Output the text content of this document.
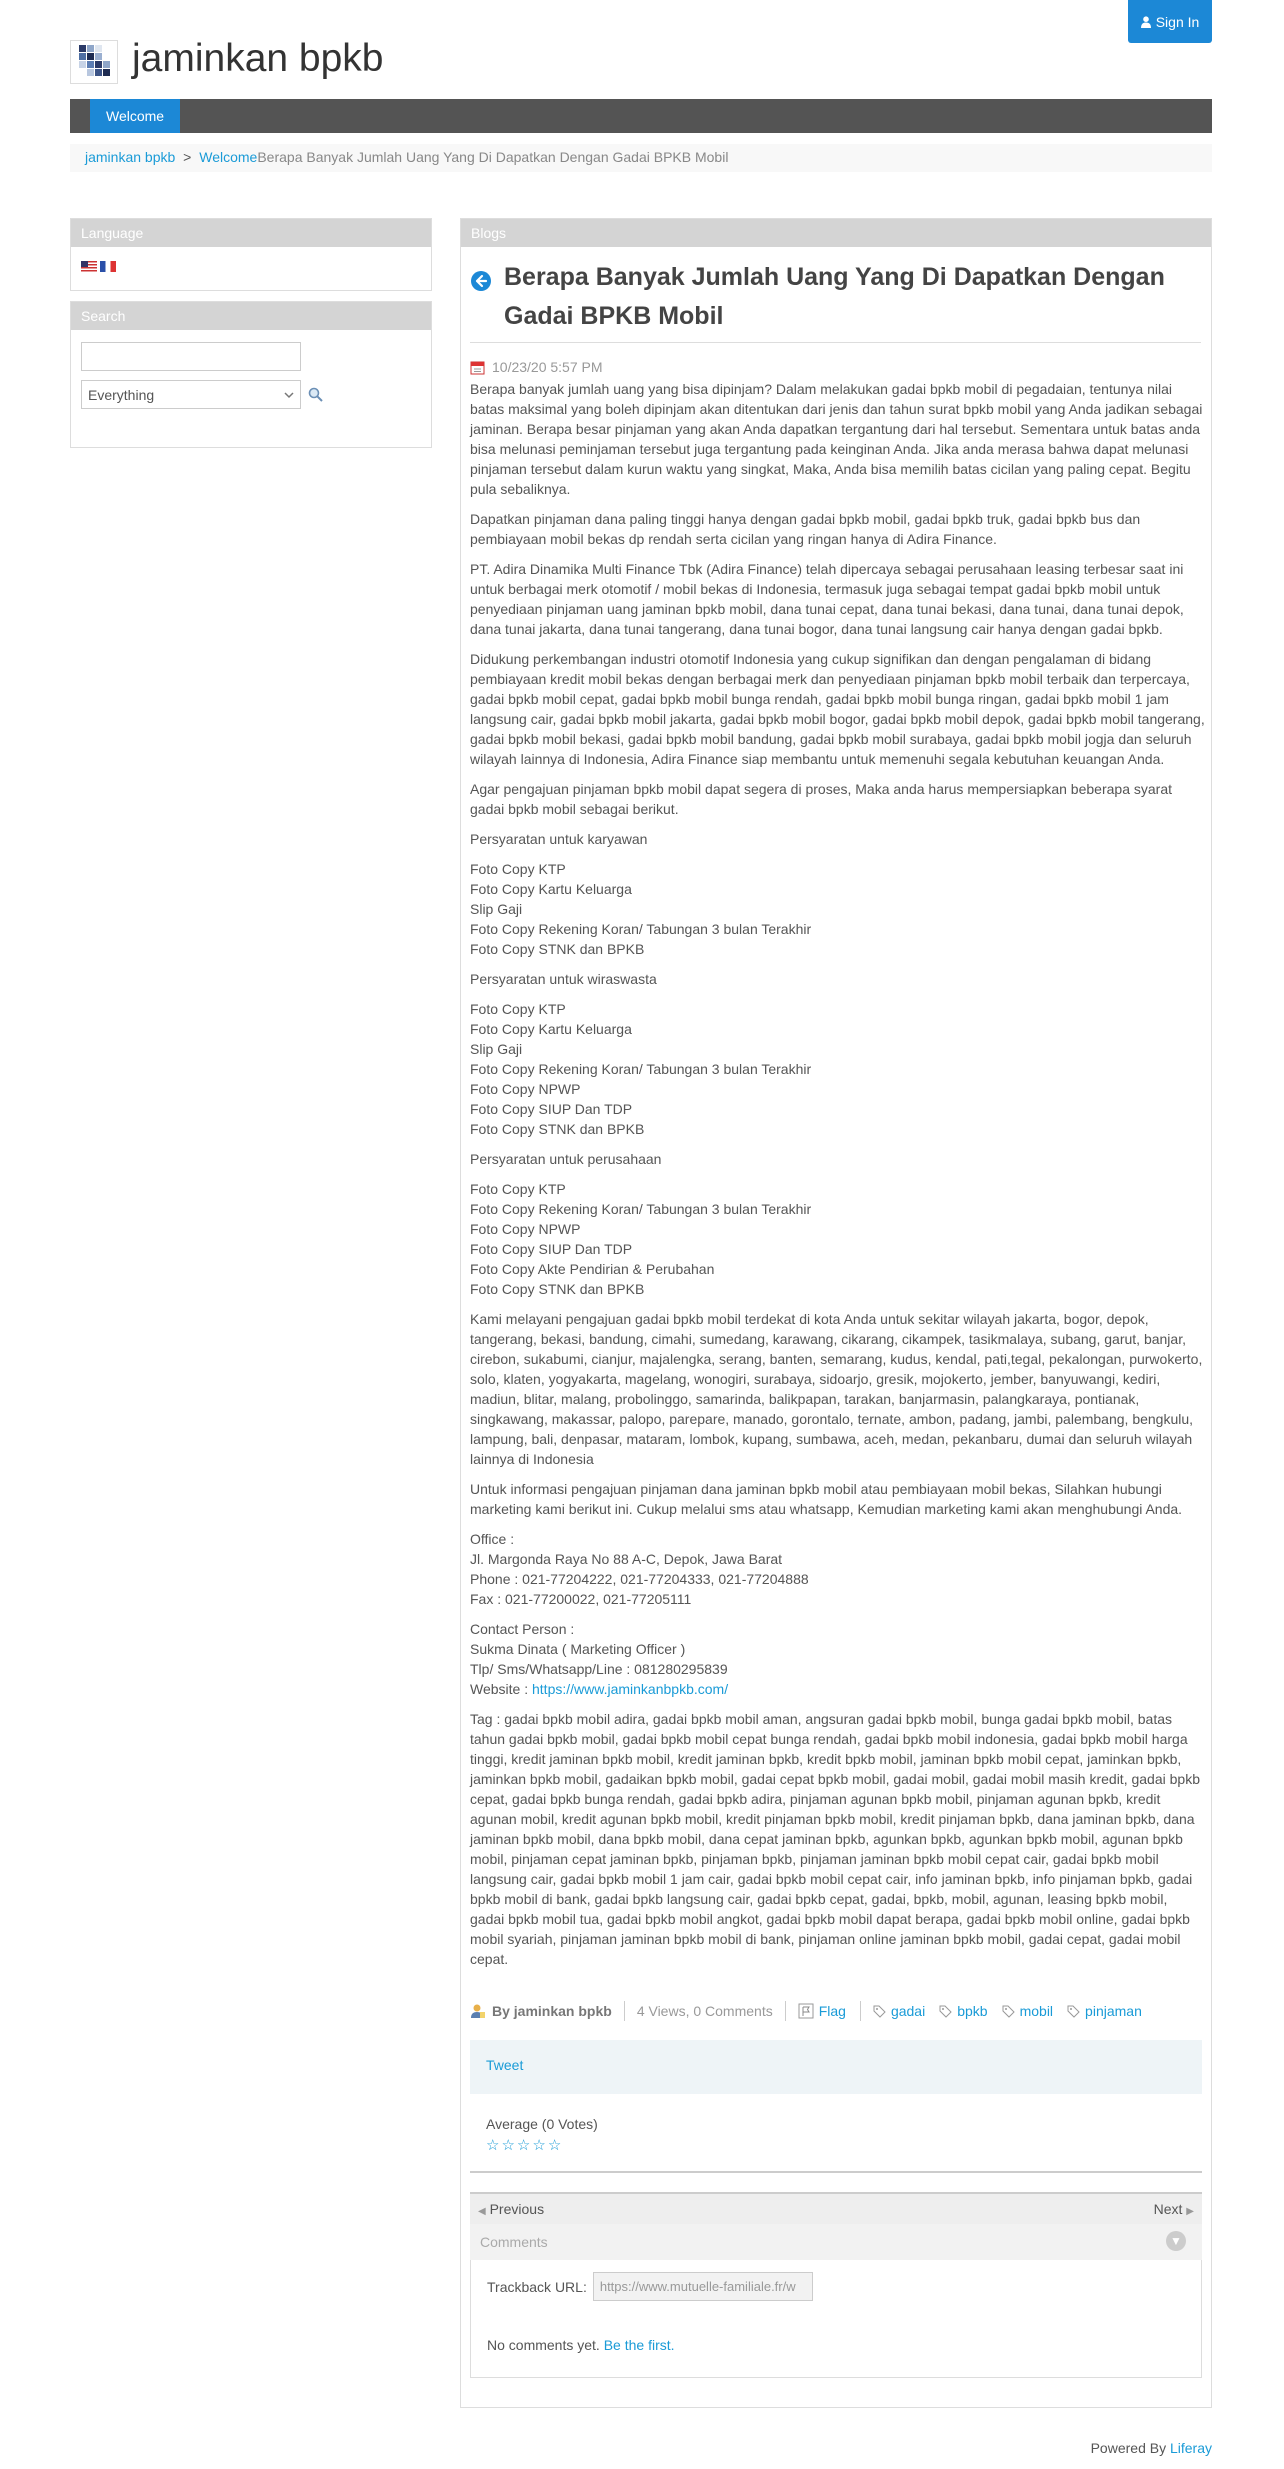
Sign In
jaminkan bpkb
Welcome
jaminkan bpkb > WelcomeBerapa Banyak Jumlah Uang Yang Di Dapatkan Dengan Gadai BPKB Mobil
Language
Search
Everything
Blogs
Berapa Banyak Jumlah Uang Yang Di Dapatkan Dengan Gadai BPKB Mobil
10/23/20 5:57 PM

Berapa banyak jumlah uang yang bisa dipinjam? Dalam melakukan gadai bpkb mobil di pegadaian, tentunya nilai batas maksimal yang boleh dipinjam akan ditentukan dari jenis dan tahun surat bpkb mobil yang Anda jadikan sebagai jaminan. Berapa besar pinjaman yang akan Anda dapatkan tergantung dari hal tersebut. Sementara untuk batas anda bisa melunasi peminjaman tersebut juga tergantung pada keinginan Anda. Jika anda merasa bahwa dapat melunasi pinjaman tersebut dalam kurun waktu yang singkat, Maka, Anda bisa memilih batas cicilan yang paling cepat. Begitu pula sebaliknya.

Dapatkan pinjaman dana paling tinggi hanya dengan gadai bpkb mobil, gadai bpkb truk, gadai bpkb bus dan pembiayaan mobil bekas dp rendah serta cicilan yang ringan hanya di Adira Finance.

PT. Adira Dinamika Multi Finance Tbk (Adira Finance) telah dipercaya sebagai perusahaan leasing terbesar saat ini untuk berbagai merk otomotif / mobil bekas di Indonesia, termasuk juga sebagai tempat gadai bpkb mobil untuk penyediaan pinjaman uang jaminan bpkb mobil, dana tunai cepat, dana tunai bekasi, dana tunai, dana tunai depok, dana tunai jakarta, dana tunai tangerang, dana tunai bogor, dana tunai langsung cair hanya dengan gadai bpkb.

Didukung perkembangan industri otomotif Indonesia yang cukup signifikan dan dengan pengalaman di bidang pembiayaan kredit mobil bekas dengan berbagai merk dan penyediaan pinjaman bpkb mobil terbaik dan terpercaya, gadai bpkb mobil cepat, gadai bpkb mobil bunga rendah, gadai bpkb mobil bunga ringan, gadai bpkb mobil 1 jam langsung cair, gadai bpkb mobil jakarta, gadai bpkb mobil bogor, gadai bpkb mobil depok, gadai bpkb mobil tangerang, gadai bpkb mobil bekasi, gadai bpkb mobil bandung, gadai bpkb mobil surabaya, gadai bpkb mobil jogja dan seluruh wilayah lainnya di Indonesia, Adira Finance siap membantu untuk memenuhi segala kebutuhan keuangan Anda.

Agar pengajuan pinjaman bpkb mobil dapat segera di proses, Maka anda harus mempersiapkan beberapa syarat gadai bpkb mobil sebagai berikut.

Persyaratan untuk karyawan

Foto Copy KTP
Foto Copy Kartu Keluarga
Slip Gaji
Foto Copy Rekening Koran/ Tabungan 3 bulan Terakhir
Foto Copy STNK dan BPKB

Persyaratan untuk wiraswasta

Foto Copy KTP
Foto Copy Kartu Keluarga
Slip Gaji
Foto Copy Rekening Koran/ Tabungan 3 bulan Terakhir
Foto Copy NPWP
Foto Copy SIUP Dan TDP
Foto Copy STNK dan BPKB

Persyaratan untuk perusahaan

Foto Copy KTP
Foto Copy Rekening Koran/ Tabungan 3 bulan Terakhir
Foto Copy NPWP
Foto Copy SIUP Dan TDP
Foto Copy Akte Pendirian & Perubahan
Foto Copy STNK dan BPKB

Kami melayani pengajuan gadai bpkb mobil terdekat di kota Anda untuk sekitar wilayah jakarta, bogor, depok, tangerang, bekasi, bandung, cimahi, sumedang, karawang, cikarang, cikampek, tasikmalaya, subang, garut, banjar, cirebon, sukabumi, cianjur, majalengka, serang, banten, semarang, kudus, kendal, pati,tegal, pekalongan, purwokerto, solo, klaten, yogyakarta, magelang, wonogiri, surabaya, sidoarjo, gresik, mojokerto, jember, banyuwangi, kediri, madiun, blitar, malang, probolinggo, samarinda, balikpapan, tarakan, banjarmasin, palangkaraya, pontianak, singkawang, makassar, palopo, parepare, manado, gorontalo, ternate, ambon, padang, jambi, palembang, bengkulu, lampung, bali, denpasar, mataram, lombok, kupang, sumbawa, aceh, medan, pekanbaru, dumai dan seluruh wilayah lainnya di Indonesia

Untuk informasi pengajuan pinjaman dana jaminan bpkb mobil atau pembiayaan mobil bekas, Silahkan hubungi marketing kami berikut ini. Cukup melalui sms atau whatsapp, Kemudian marketing kami akan menghubungi Anda.

Office :
Jl. Margonda Raya No 88 A-C, Depok, Jawa Barat
Phone : 021-77204222, 021-77204333, 021-77204888
Fax : 021-77200022, 021-77205111

Contact Person :
Sukma Dinata ( Marketing Officer )
Tlp/ Sms/Whatsapp/Line : 081280295839
Website : https://www.jaminkanbpkb.com/

Tag : gadai bpkb mobil adira, gadai bpkb mobil aman, angsuran gadai bpkb mobil, bunga gadai bpkb mobil, batas tahun gadai bpkb mobil, gadai bpkb mobil cepat bunga rendah, gadai bpkb mobil indonesia, gadai bpkb mobil harga tinggi, kredit jaminan bpkb mobil, kredit jaminan bpkb, kredit bpkb mobil, jaminan bpkb mobil cepat, jaminkan bpkb, jaminkan bpkb mobil, gadaikan bpkb mobil, gadai cepat bpkb mobil, gadai mobil, gadai mobil masih kredit, gadai bpkb cepat, gadai bpkb bunga rendah, gadai bpkb adira, pinjaman agunan bpkb mobil, pinjaman agunan bpkb, kredit agunan mobil, kredit agunan bpkb mobil, kredit pinjaman bpkb mobil, kredit pinjaman bpkb, dana jaminan bpkb, dana jaminan bpkb mobil, dana bpkb mobil, dana cepat jaminan bpkb, agunkan bpkb, agunkan bpkb mobil, agunan bpkb mobil, pinjaman cepat jaminan bpkb, pinjaman bpkb, pinjaman jaminan bpkb mobil cepat cair, gadai bpkb mobil langsung cair, gadai bpkb mobil 1 jam cair, gadai bpkb mobil cepat cair, info jaminan bpkb, info pinjaman bpkb, gadai bpkb mobil di bank, gadai bpkb langsung cair, gadai bpkb cepat, gadai, bpkb, mobil, agunan, leasing bpkb mobil, gadai bpkb mobil tua, gadai bpkb mobil angkot, gadai bpkb mobil dapat berapa, gadai bpkb mobil online, gadai bpkb mobil syariah, pinjaman jaminan bpkb mobil di bank, pinjaman online jaminan bpkb mobil, gadai cepat, gadai mobil cepat.

By jaminkan bpkb 4 Views, 0 Comments	Flag	gadai bpkb mobil pinjaman
Tweet
Average (0 Votes)
☆ ☆ ☆ ☆ ☆
◀ Previous	Next ▶
Comments	▼
Trackback URL:	https://www.mutuelle-familiale.fr/w
No comments yet. Be the first.
Powered By Liferay
